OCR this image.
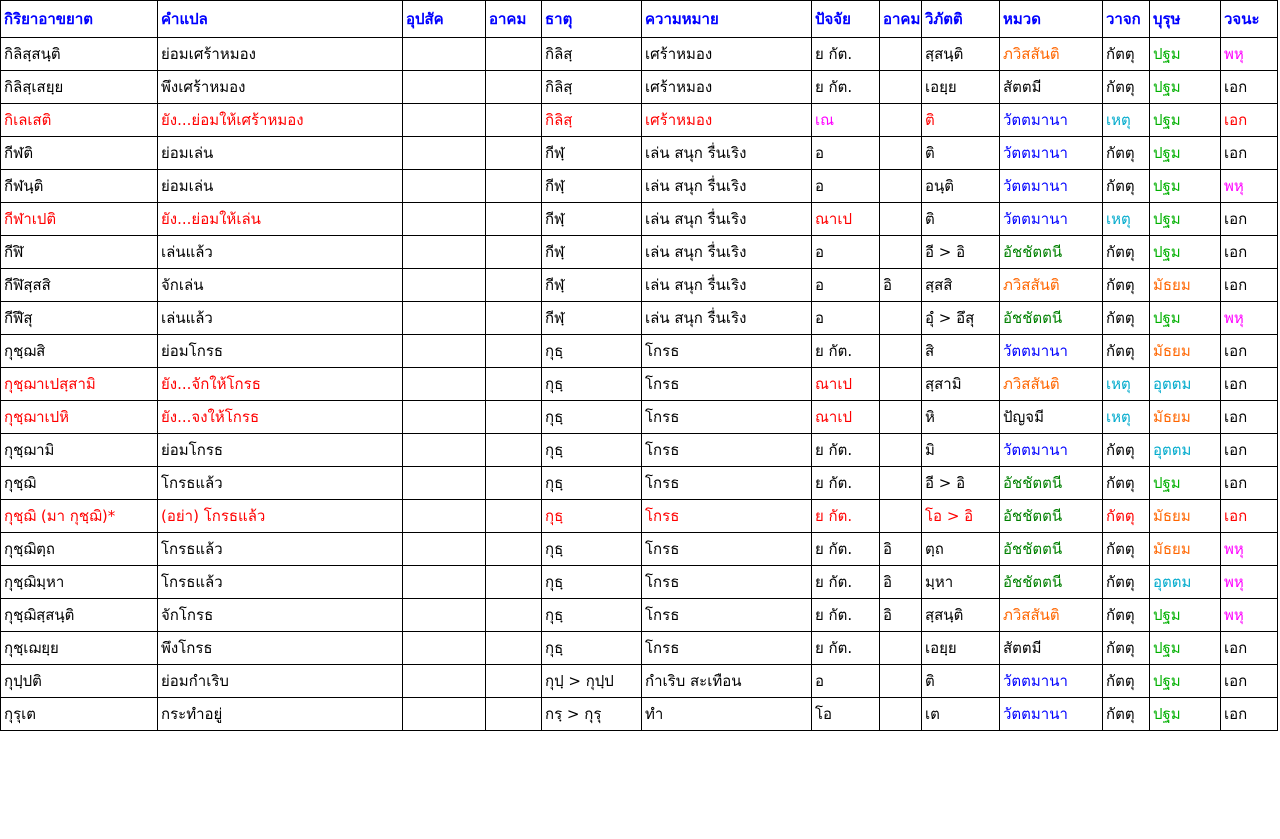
กิริยาอาขยาต	คำแปล	อุปสัค	อาคม	ธาตุ	ความหมาย	ปัจจัย	อาคม	วิภัตติ	หมวด	วาจก	บุรุษ	วจนะ
กิลิสฺสนฺติ	ย่อมเศร้าหมอง			กิลิสฺ	เศร้าหมอง	ย กัต.		สฺสนฺติ	ภวิสสันติ	กัตตุ	ปฐม	พหุ
กิลิสฺเสยฺย	พึงเศร้าหมอง			กิลิสฺ	เศร้าหมอง	ย กัต.		เอยฺย	สัตตมี	กัตตุ	ปฐม	เอก
กิเลเสติ	ยัง...ย่อมให้เศร้าหมอง			กิลิสฺ	เศร้าหมอง	เณ		ติ	วัตตมานา	เหตุ	ปฐม	เอก
กีฬติ	ย่อมเล่น			กีฬฺ	เล่น สนุก รื่นเริง	อ		ติ	วัตตมานา	กัตตุ	ปฐม	เอก
กีฬนฺติ	ย่อมเล่น			กีฬฺ	เล่น สนุก รื่นเริง	อ		อนฺติ	วัตตมานา	กัตตุ	ปฐม	พหุ
กีฬาเปติ	ยัง...ย่อมให้เล่น			กีฬฺ	เล่น สนุก รื่นเริง	ณาเป		ติ	วัตตมานา	เหตุ	ปฐม	เอก
กีฬิ	เล่นแล้ว			กีฬฺ	เล่น สนุก รื่นเริง	อ		อี > อิ	อัชชัตตนี	กัตตุ	ปฐม	เอก
กีฬิสฺสสิ	จักเล่น			กีฬฺ	เล่น สนุก รื่นเริง	อ	อิ	สฺสสิ	ภวิสสันติ	กัตตุ	มัธยม	เอก
กีฬึสุ	เล่นแล้ว			กีฬฺ	เล่น สนุก รื่นเริง	อ		อุํ > อึสุ	อัชชัตตนี	กัตตุ	ปฐม	พหุ
กุชฺฌสิ	ย่อมโกรธ			กุธฺ	โกรธ	ย กัต.		สิ	วัตตมานา	กัตตุ	มัธยม	เอก
กุชฺฌาเปสฺสามิ	ยัง...จักให้โกรธ			กุธฺ	โกรธ	ณาเป		สฺสามิ	ภวิสสันติ	เหตุ	อุตตม	เอก
กุชฺฌาเปหิ	ยัง...จงให้โกรธ			กุธฺ	โกรธ	ณาเป		หิ	ปัญจมี	เหตุ	มัธยม	เอก
กุชฺฌามิ	ย่อมโกรธ			กุธฺ	โกรธ	ย กัต.		มิ	วัตตมานา	กัตตุ	อุตตม	เอก
กุชฺฌิ	โกรธแล้ว			กุธฺ	โกรธ	ย กัต.		อี > อิ	อัชชัตตนี	กัตตุ	ปฐม	เอก
กุชฺฌิ (มา กุชฺฌิ)*	(อย่า) โกรธแล้ว			กุธฺ	โกรธ	ย กัต.		โอ > อิ	อัชชัตตนี	กัตตุ	มัธยม	เอก
กุชฺฌิตฺถ	โกรธแล้ว			กุธฺ	โกรธ	ย กัต.	อิ	ตฺถ	อัชชัตตนี	กัตตุ	มัธยม	พหุ
กุชฺฌิมฺหา	โกรธแล้ว			กุธฺ	โกรธ	ย กัต.	อิ	มฺหา	อัชชัตตนี	กัตตุ	อุตตม	พหุ
กุชฺฌิสฺสนฺติ	จักโกรธ			กุธฺ	โกรธ	ย กัต.	อิ	สฺสนฺติ	ภวิสสันติ	กัตตุ	ปฐม	พหุ
กุชฺเฌยฺย	พึงโกรธ			กุธฺ	โกรธ	ย กัต.		เอยฺย	สัตตมี	กัตตุ	ปฐม	เอก
กุปฺปติ	ย่อมกำเริบ			กุปฺ > กุปฺป	กำเริบ สะเทือน	อ		ติ	วัตตมานา	กัตตุ	ปฐม	เอก
กุรุเต	กระทำอยู่			กรฺ > กุรุ	ทำ	โอ		เต	วัตตมานา	กัตตุ	ปฐม	เอก
